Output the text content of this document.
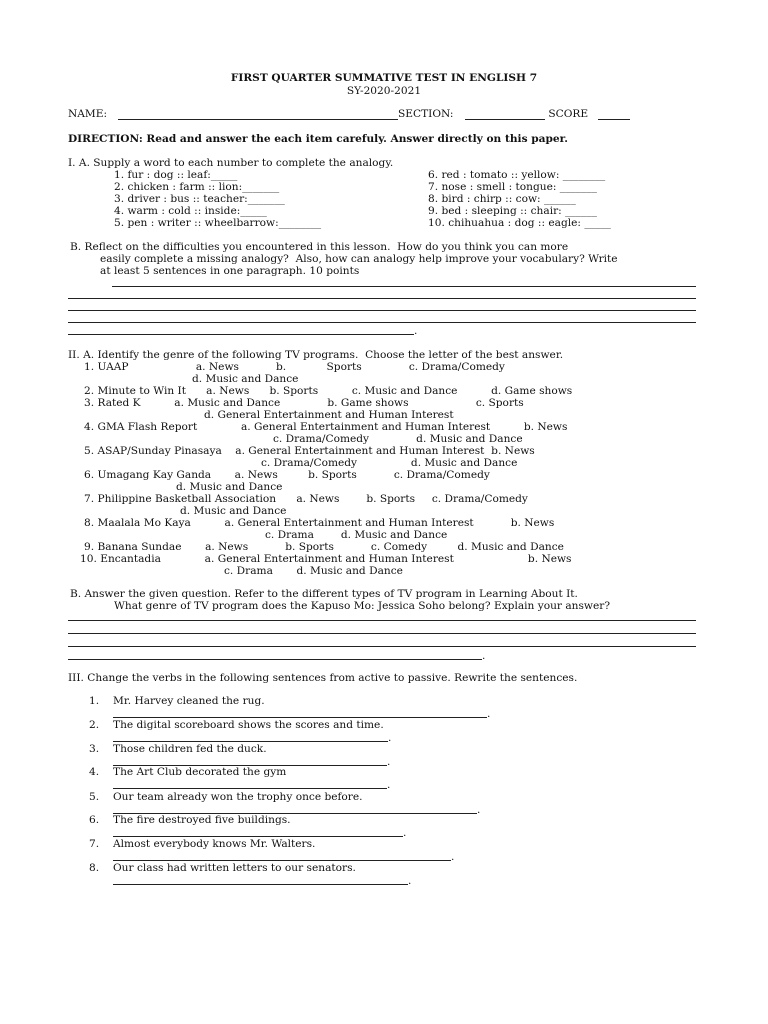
FIRST QUARTER SUMMATIVE TEST IN ENGLISH 7
SY-2020-2021
NAME:	SECTION:	SCORE
DIRECTION: Read and answer the each item carefuly. Answer directly on this paper.
I. A. Supply a word to each number to complete the analogy.
1. fur : dog :: leaf:_____
2. chicken : farm :: lion:_______
3. driver : bus :: teacher:_______
4. warm : cold :: inside:_____
5. pen : writer :: wheelbarrow:________
6. red : tomato :: yellow: ________
7. nose : smell : tongue: _______
8. bird : chirp :: cow: ______
9. bed : sleeping :: chair: ______
10. chihuahua : dog :: eagle: _____
B. Reflect on the difficulties you encountered in this lesson.  How do you think you can more
easily complete a missing analogy?  Also, how can analogy help improve your vocabulary? Write
at least 5 sentences in one paragraph. 10 points
.
II. A. Identify the genre of the following TV programs.  Choose the letter of the best answer.
1. UAAP                    a. News           b.            Sports              c. Drama/Comedy
d. Music and Dance
2. Minute to Win It      a. News      b. Sports          c. Music and Dance          d. Game shows
3. Rated K          a. Music and Dance              b. Game shows                    c. Sports
d. General Entertainment and Human Interest
4. GMA Flash Report             a. General Entertainment and Human Interest          b. News
c. Drama/Comedy              d. Music and Dance
5. ASAP/Sunday Pinasaya    a. General Entertainment and Human Interest  b. News
c. Drama/Comedy                d. Music and Dance
6. Umagang Kay Ganda       a. News         b. Sports           c. Drama/Comedy
d. Music and Dance
7. Philippine Basketball Association      a. News        b. Sports     c. Drama/Comedy
d. Music and Dance
8. Maalala Mo Kaya          a. General Entertainment and Human Interest           b. News
c. Drama        d. Music and Dance
9. Banana Sundae       a. News           b. Sports           c. Comedy         d. Music and Dance
10. Encantadia             a. General Entertainment and Human Interest                      b. News
c. Drama       d. Music and Dance
B. Answer the given question. Refer to the different types of TV program in Learning About It.
What genre of TV program does the Kapuso Mo: Jessica Soho belong? Explain your answer?
.
III. Change the verbs in the following sentences from active to passive. Rewrite the sentences.
1. Mr. Harvey cleaned the rug.
.
2. The digital scoreboard shows the scores and time.
.
3. Those children fed the duck.
.
4. The Art Club decorated the gym
.
5. Our team already won the trophy once before.
.
6. The fire destroyed five buildings.
.
7. Almost everybody knows Mr. Walters.
.
8. Our class had written letters to our senators.
.
